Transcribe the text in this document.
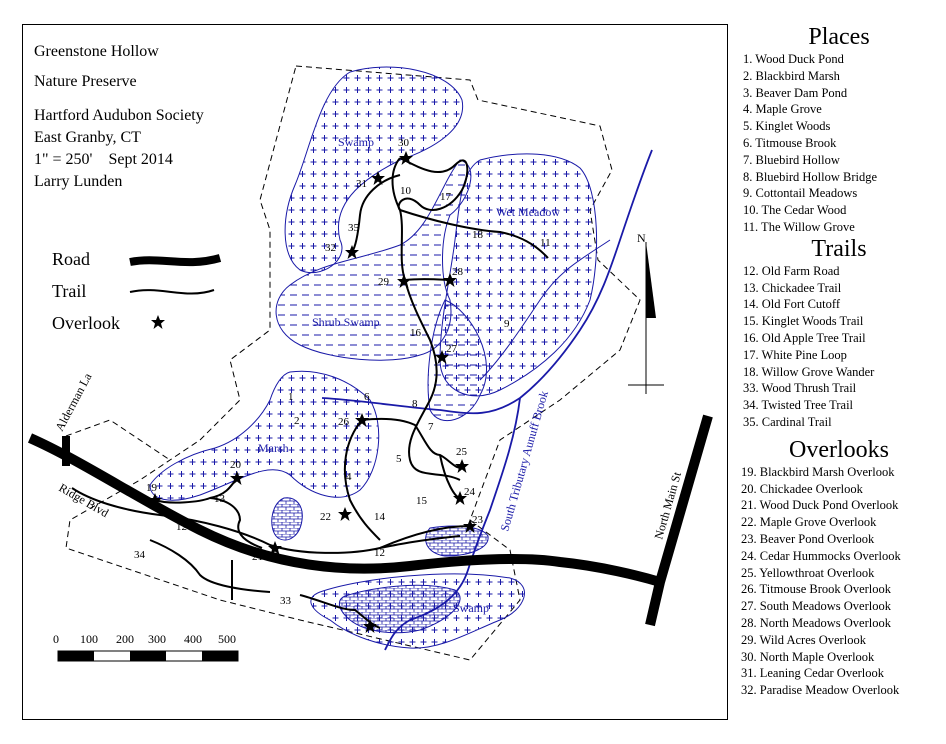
Swamp
Wet Meadow
Shrub Swamp
Marsh
Swamp
South Tributary Aunuff Brook
Alderman La
Ridge Blvd	North Main St
30
31
10	17
35
18
32	11
28
29
9
16
27
6
8
1
2	26	7
25
5
20
4
19	24
13	15
22	14	23
12
12
21
34
33
N
Greenstone Hollow
Nature Preserve
Hartford Audubon Society
East Granby, CT
1" = 250'    Sept 2014
Larry Lunden
Road
Trail
Overlook
0 100 200 300 400 500
Places
1. Wood Duck Pond
2. Blackbird Marsh
3. Beaver Dam Pond
4. Maple Grove
5. Kinglet Woods
6. Titmouse Brook
7. Bluebird Hollow
8. Bluebird Hollow Bridge
9. Cottontail Meadows
10. The Cedar Wood
11. The Willow Grove
Trails
12. Old Farm Road
13. Chickadee Trail
14. Old Fort Cutoff
15. Kinglet Woods Trail
16. Old Apple Tree Trail
17. White Pine Loop
18. Willow Grove Wander
33. Wood Thrush Trail
34. Twisted Tree Trail
35. Cardinal Trail
Overlooks
19. Blackbird Marsh Overlook
20. Chickadee Overlook
21. Wood Duck Pond Overlook
22. Maple Grove Overlook
23. Beaver Pond Overlook
24. Cedar Hummocks Overlook
25. Yellowthroat Overlook
26. Titmouse Brook Overlook
27. South Meadows Overlook
28. North Meadows Overlook
29. Wild Acres Overlook
30. North Maple Overlook
31. Leaning Cedar Overlook
32. Paradise Meadow Overlook
